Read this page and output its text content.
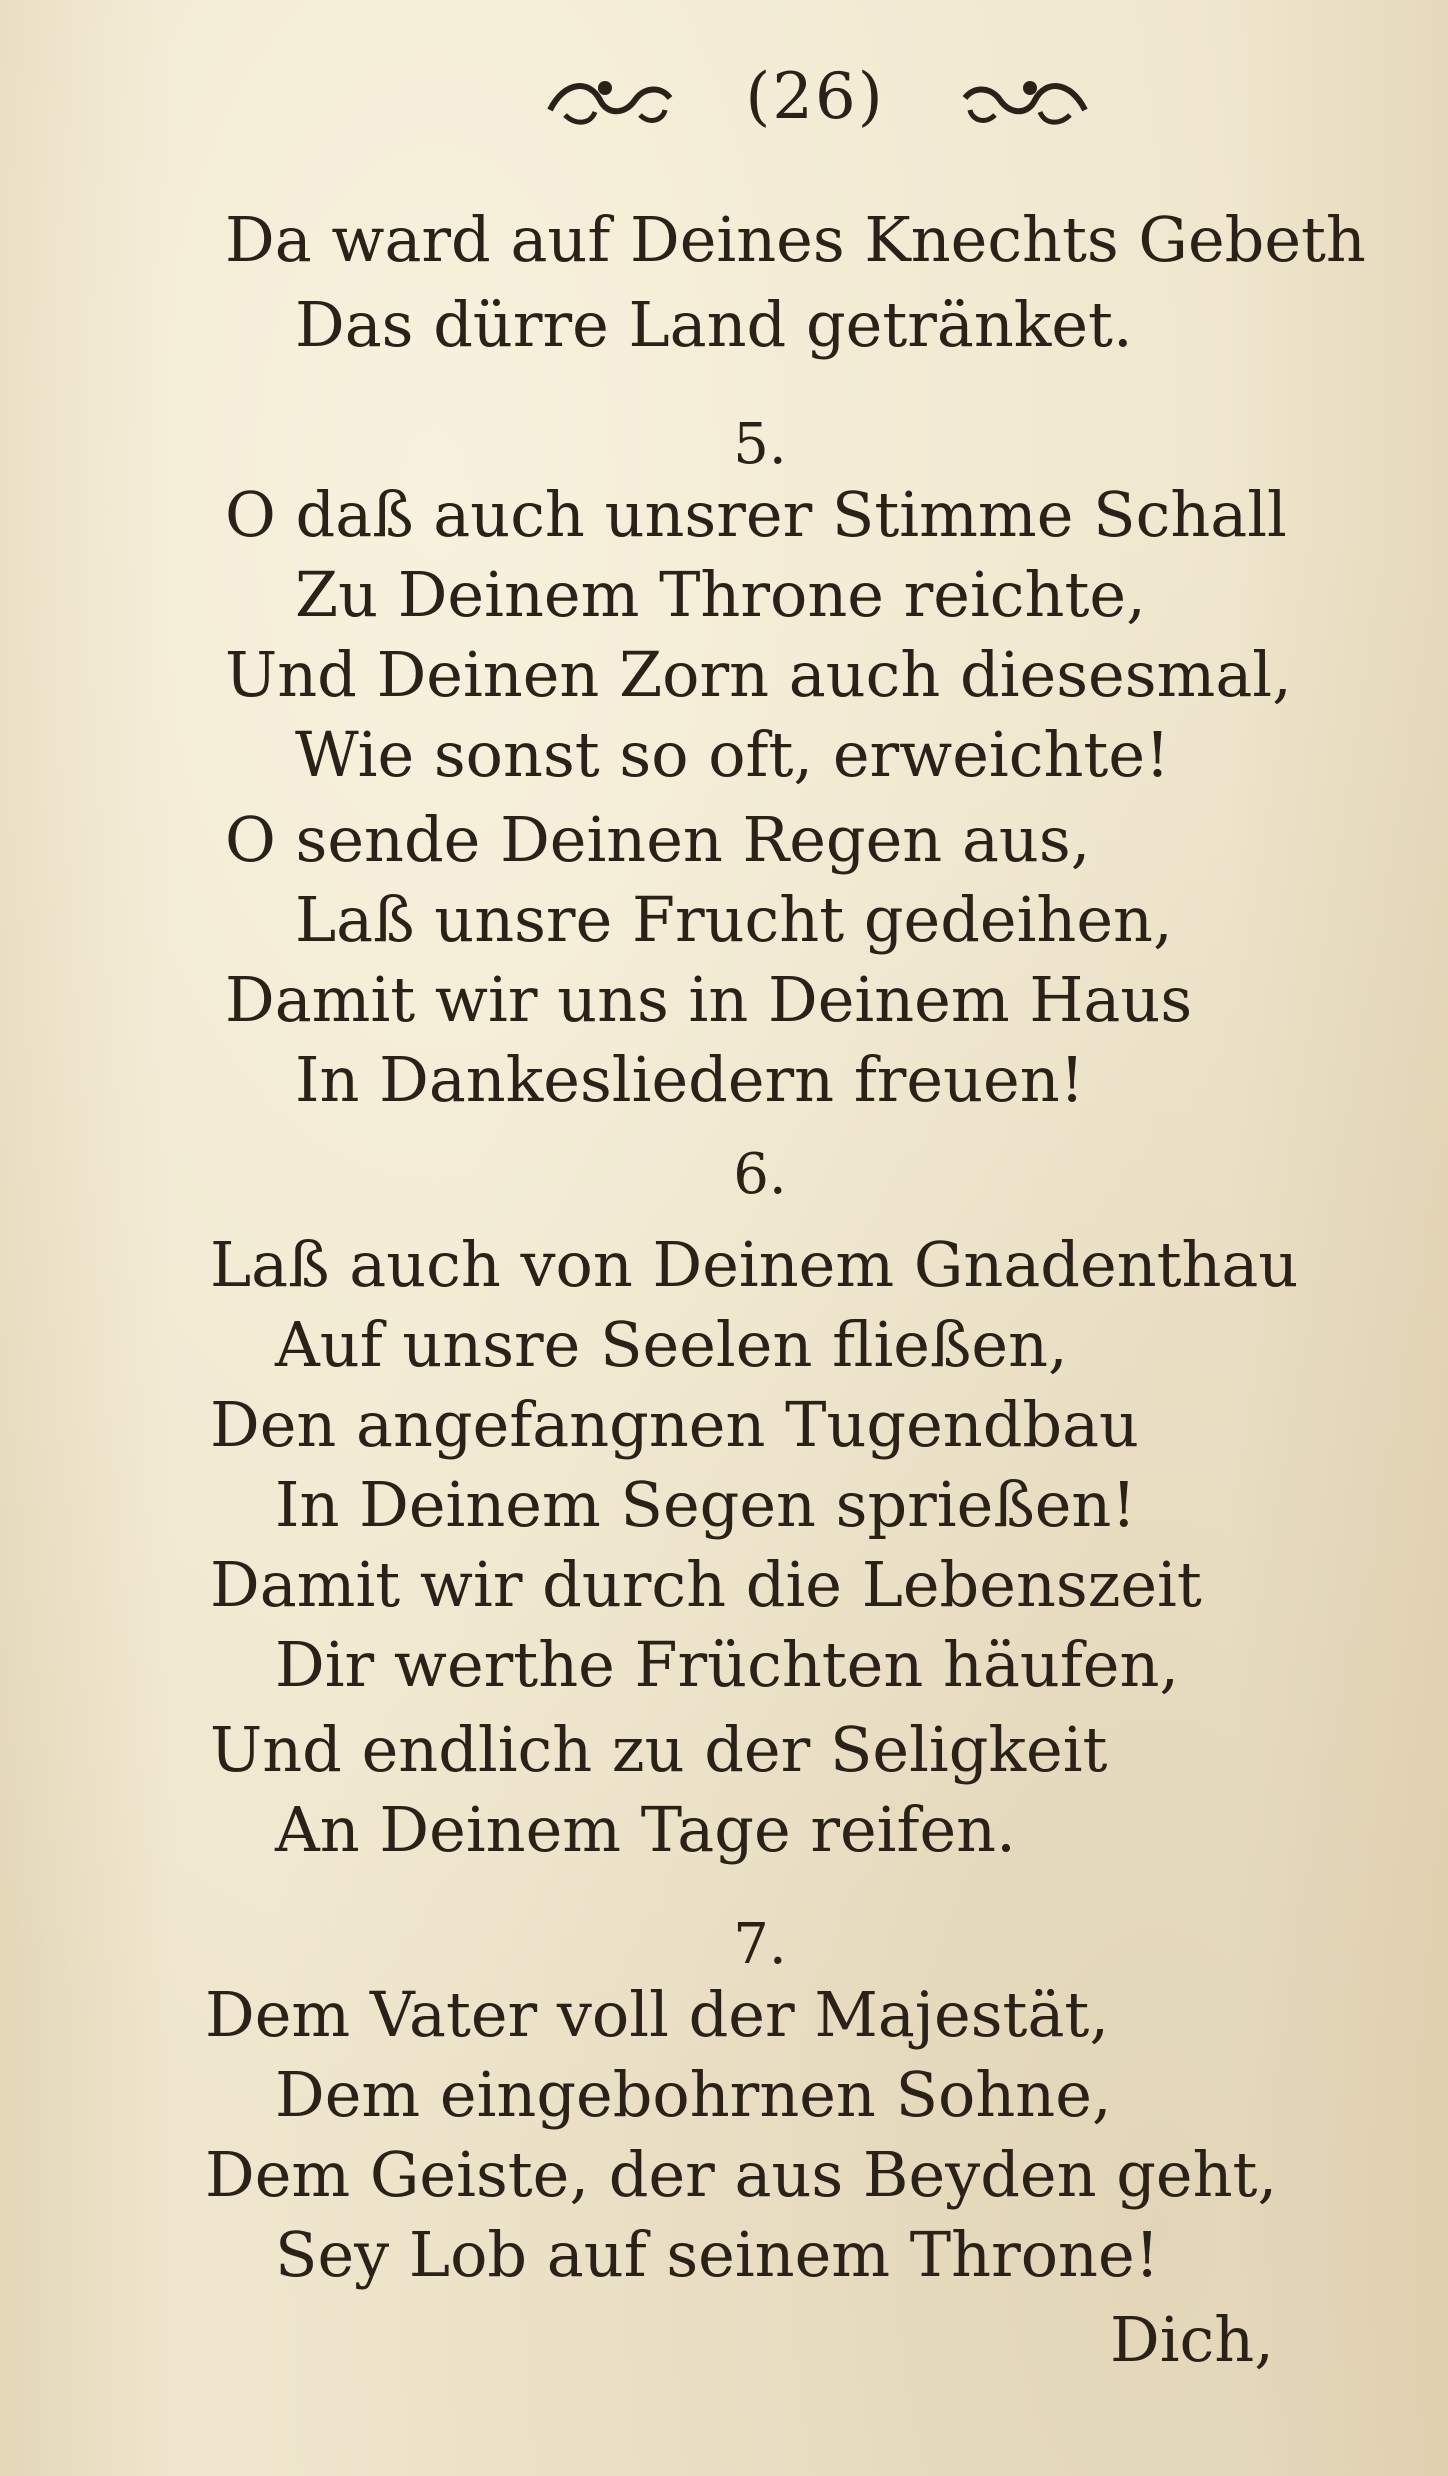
(26)
Da ward auf Deines Knechts Gebeth
Das dürre Land getränket.
5.
O daß auch unsrer Stimme Schall
Zu Deinem Throne reichte,
Und Deinen Zorn auch diesesmal,
Wie sonst so oft, erweichte!
O sende Deinen Regen aus,
Laß unsre Frucht gedeihen,
Damit wir uns in Deinem Haus
In Dankesliedern freuen!
6.
Laß auch von Deinem Gnadenthau
Auf unsre Seelen fließen,
Den angefangnen Tugendbau
In Deinem Segen sprießen!
Damit wir durch die Lebenszeit
Dir werthe Früchten häufen,
Und endlich zu der Seligkeit
An Deinem Tage reifen.
7.
Dem Vater voll der Majestät,
Dem eingebohrnen Sohne,
Dem Geiste, der aus Beyden geht,
Sey Lob auf seinem Throne!
Dich,
